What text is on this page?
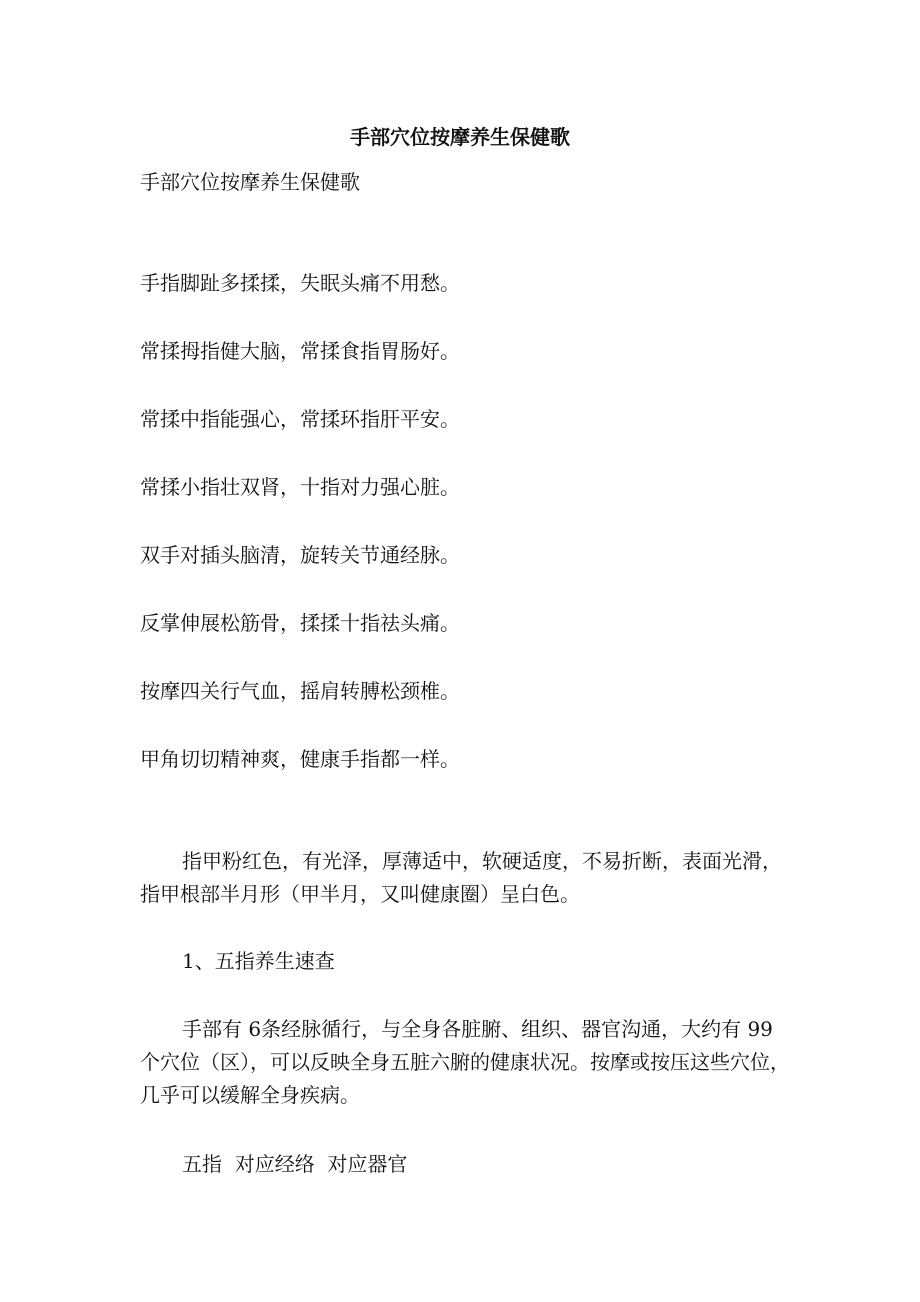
手部穴位按摩养生保健歌

手部穴位按摩养生保健歌

手指脚趾多揉揉，失眠头痛不用愁。
常揉拇指健大脑，常揉食指胃肠好。
常揉中指能强心，常揉环指肝平安。
常揉小指壮双肾，十指对力强心脏。
双手对插头脑清，旋转关节通经脉。
反掌伸展松筋骨，揉揉十指祛头痛。
按摩四关行气血，摇肩转膊松颈椎。
甲角切切精神爽，健康手指都一样。

指甲粉红色，有光泽，厚薄适中，软硬适度，不易折断，表面光滑，指甲根部半月形（甲半月，又叫健康圈）呈白色。

1、五指养生速查

手部有 6条经脉循行，与全身各脏腑、组织、器官沟通，大约有 99 个穴位（区），可以反映全身五脏六腑的健康状况。按摩或按压这些穴位，几乎可以缓解全身疾病。

五指  对应经络  对应器官
